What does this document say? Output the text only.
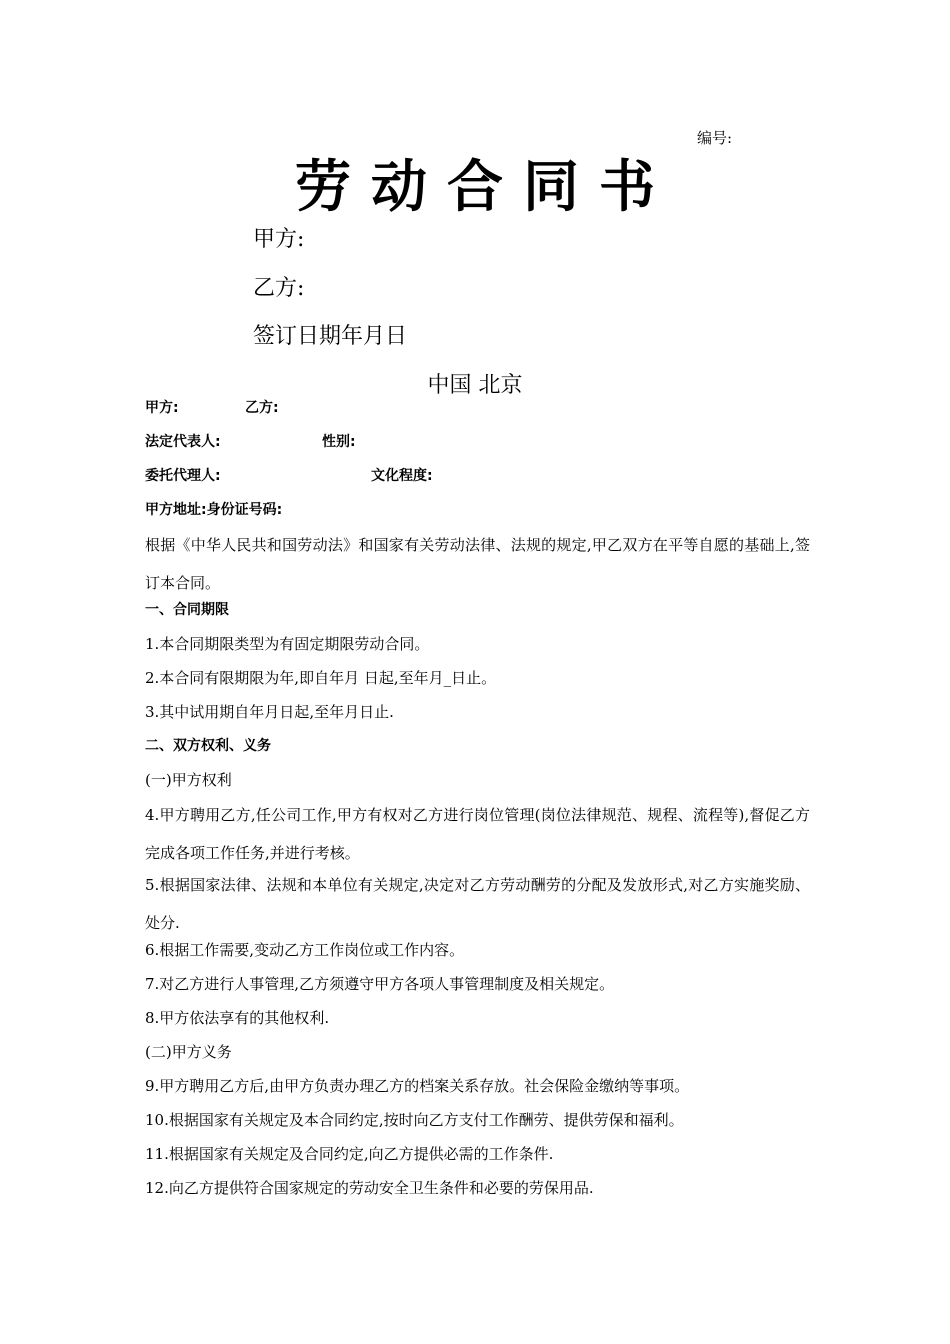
编号:
劳动合同书
甲方:
乙方:
签订日期年月日
中国 北京
甲方:	乙方:
法定代表人:	性别:
委托代理人:	文化程度:
甲方地址:身份证号码:
根据《中华人民共和国劳动法》和国家有关劳动法律、法规的规定,甲乙双方在平等自愿的基础上,签订本合同。
一、合同期限
1.本合同期限类型为有固定期限劳动合同。
2.本合同有限期限为年,即自年月 日起,至年月_日止。
3.其中试用期自年月日起,至年月日止.
二、双方权利、义务
(一)甲方权利
4.甲方聘用乙方,任公司工作,甲方有权对乙方进行岗位管理(岗位法律规范、规程、流程等),督促乙方完成各项工作任务,并进行考核。
5.根据国家法律、法规和本单位有关规定,决定对乙方劳动酬劳的分配及发放形式,对乙方实施奖励、处分.
6.根据工作需要,变动乙方工作岗位或工作内容。
7.对乙方进行人事管理,乙方须遵守甲方各项人事管理制度及相关规定。
8.甲方依法享有的其他权利.
(二)甲方义务
9.甲方聘用乙方后,由甲方负责办理乙方的档案关系存放。社会保险金缴纳等事项。
10.根据国家有关规定及本合同约定,按时向乙方支付工作酬劳、提供劳保和福利。
11.根据国家有关规定及合同约定,向乙方提供必需的工作条件.
12.向乙方提供符合国家规定的劳动安全卫生条件和必要的劳保用品.
